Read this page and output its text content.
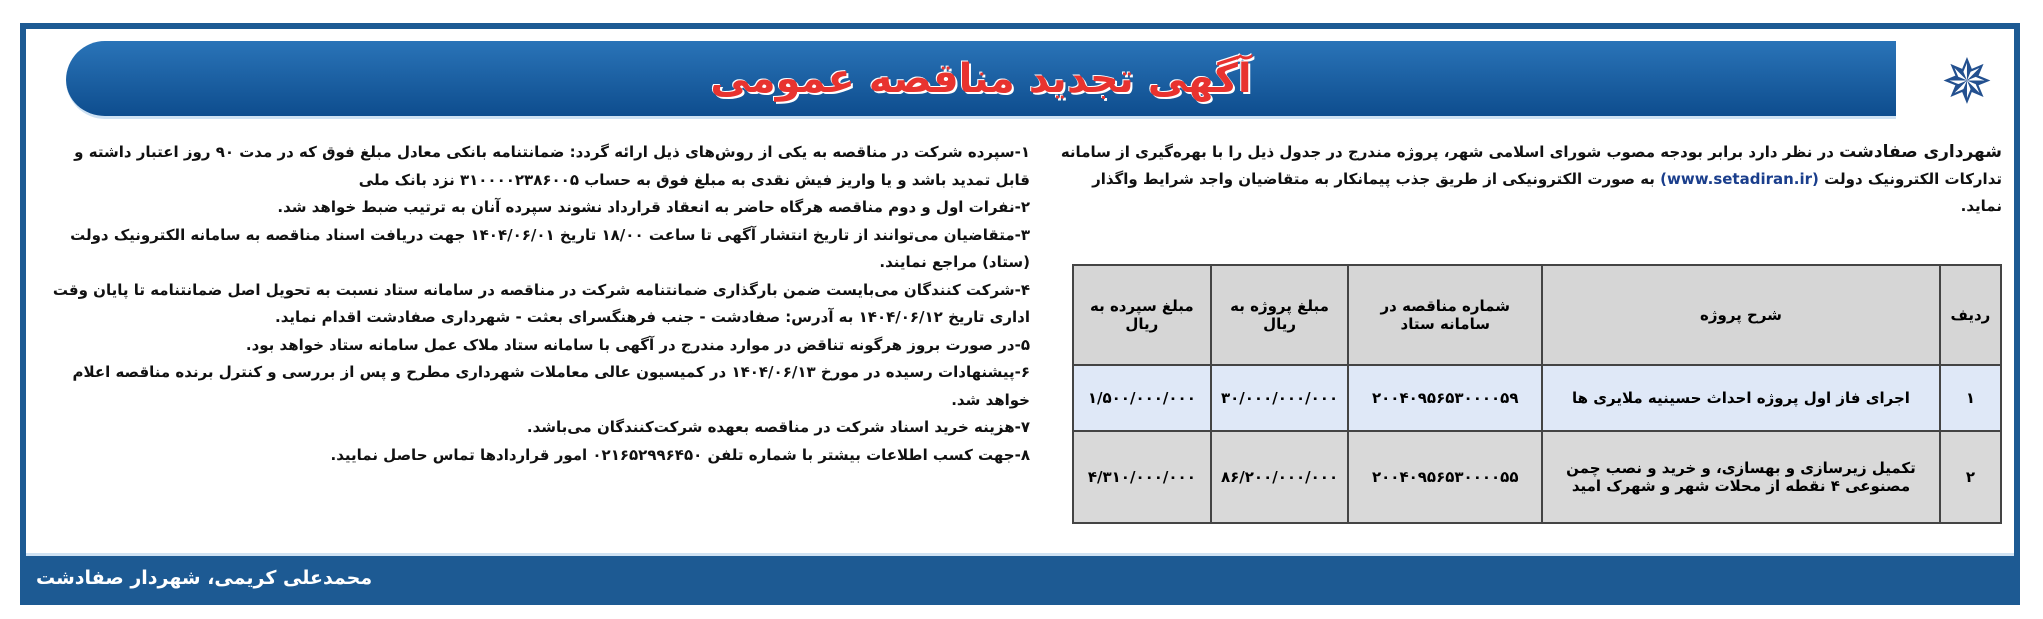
آگهی تجدید مناقصه عمومی	✵
شهرداری صفادشت در نظر دارد برابر بودجه مصوب شورای اسلامی شهر، پروژه مندرج در جدول ذیل را با بهره‌گیری از سامانه تدارکات الکترونیک دولت (www.setadiran.ir) به صورت الکترونیکی از طریق جذب پیمانکار به متقاضیان واجد شرایط واگذار نماید.
ردیف	شرح پروژه	شماره مناقصه در سامانه ستاد	مبلغ پروژه به ریال	مبلغ سپرده به ریال
۱	اجرای فاز اول پروژه احداث حسینیه ملایری ها	۲۰۰۴۰۹۵۶۵۳۰۰۰۰۵۹	۳۰/۰۰۰/۰۰۰/۰۰۰	۱/۵۰۰/۰۰۰/۰۰۰
۲	تکمیل زیرسازی و بهسازی، و خرید و نصب چمن مصنوعی ۴ نقطه از محلات شهر و شهرک امید	۲۰۰۴۰۹۵۶۵۳۰۰۰۰۵۵	۸۶/۲۰۰/۰۰۰/۰۰۰	۴/۳۱۰/۰۰۰/۰۰۰
۱-سپرده شرکت در مناقصه به یکی از روش‌های ذیل ارائه گردد: ضمانتنامه بانکی معادل مبلغ فوق که در مدت ۹۰ روز اعتبار داشته و قابل تمدید باشد و یا واریز فیش نقدی به مبلغ فوق به حساب ۳۱۰۰۰۰۲۳۸۶۰۰۵ نزد بانک ملی
۲-نفرات اول و دوم مناقصه هرگاه حاضر به انعقاد قرارداد نشوند سپرده آنان به ترتیب ضبط خواهد شد.
۳-متقاضیان می‌توانند از تاریخ انتشار آگهی تا ساعت ۱۸/۰۰ تاریخ ۱۴۰۴/۰۶/۰۱ جهت دریافت اسناد مناقصه به سامانه الکترونیک دولت (ستاد) مراجع نمایند.
۴-شرکت کنندگان می‌بایست ضمن بارگذاری ضمانتنامه شرکت در مناقصه در سامانه ستاد نسبت به تحویل اصل ضمانتنامه تا پایان وقت اداری تاریخ ۱۴۰۴/۰۶/۱۲ به آدرس: صفادشت - جنب فرهنگسرای بعثت - شهرداری صفادشت اقدام نماید.
۵-در صورت بروز هرگونه تناقض در موارد مندرج در آگهی با سامانه ستاد ملاک عمل سامانه ستاد خواهد بود.
۶-پیشنهادات رسیده در مورخ ۱۴۰۴/۰۶/۱۳ در کمیسیون عالی معاملات شهرداری مطرح و پس از بررسی و کنترل برنده مناقصه اعلام خواهد شد.
۷-هزینه خرید اسناد شرکت در مناقصه بعهده شرکت‌کنندگان می‌باشد.
۸-جهت کسب اطلاعات بیشتر با شماره تلفن ۰۲۱۶۵۲۹۹۶۴۵۰ امور قراردادها تماس حاصل نمایید.
محمدعلی کریمی، شهردار صفادشت
